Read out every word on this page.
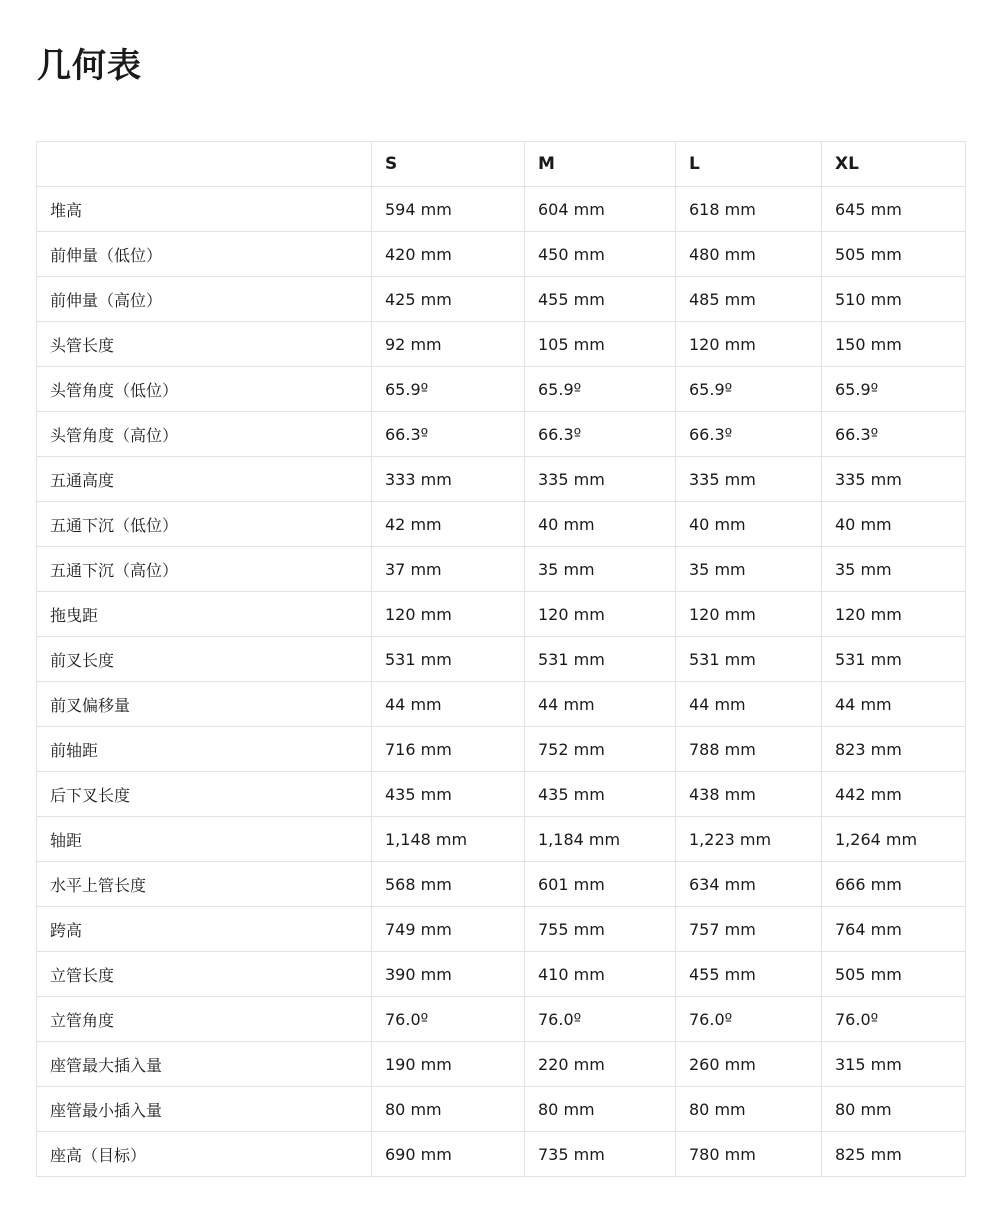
几何表
	S	M	L	XL
堆高	594 mm	604 mm	618 mm	645 mm
前伸量（低位）	420 mm	450 mm	480 mm	505 mm
前伸量（高位）	425 mm	455 mm	485 mm	510 mm
头管长度	92 mm	105 mm	120 mm	150 mm
头管角度（低位）	65.9º	65.9º	65.9º	65.9º
头管角度（高位）	66.3º	66.3º	66.3º	66.3º
五通高度	333 mm	335 mm	335 mm	335 mm
五通下沉（低位）	42 mm	40 mm	40 mm	40 mm
五通下沉（高位）	37 mm	35 mm	35 mm	35 mm
拖曳距	120 mm	120 mm	120 mm	120 mm
前叉长度	531 mm	531 mm	531 mm	531 mm
前叉偏移量	44 mm	44 mm	44 mm	44 mm
前轴距	716 mm	752 mm	788 mm	823 mm
后下叉长度	435 mm	435 mm	438 mm	442 mm
轴距	1,148 mm	1,184 mm	1,223 mm	1,264 mm
水平上管长度	568 mm	601 mm	634 mm	666 mm
跨高	749 mm	755 mm	757 mm	764 mm
立管长度	390 mm	410 mm	455 mm	505 mm
立管角度	76.0º	76.0º	76.0º	76.0º
座管最大插入量	190 mm	220 mm	260 mm	315 mm
座管最小插入量	80 mm	80 mm	80 mm	80 mm
座高（目标）	690 mm	735 mm	780 mm	825 mm
